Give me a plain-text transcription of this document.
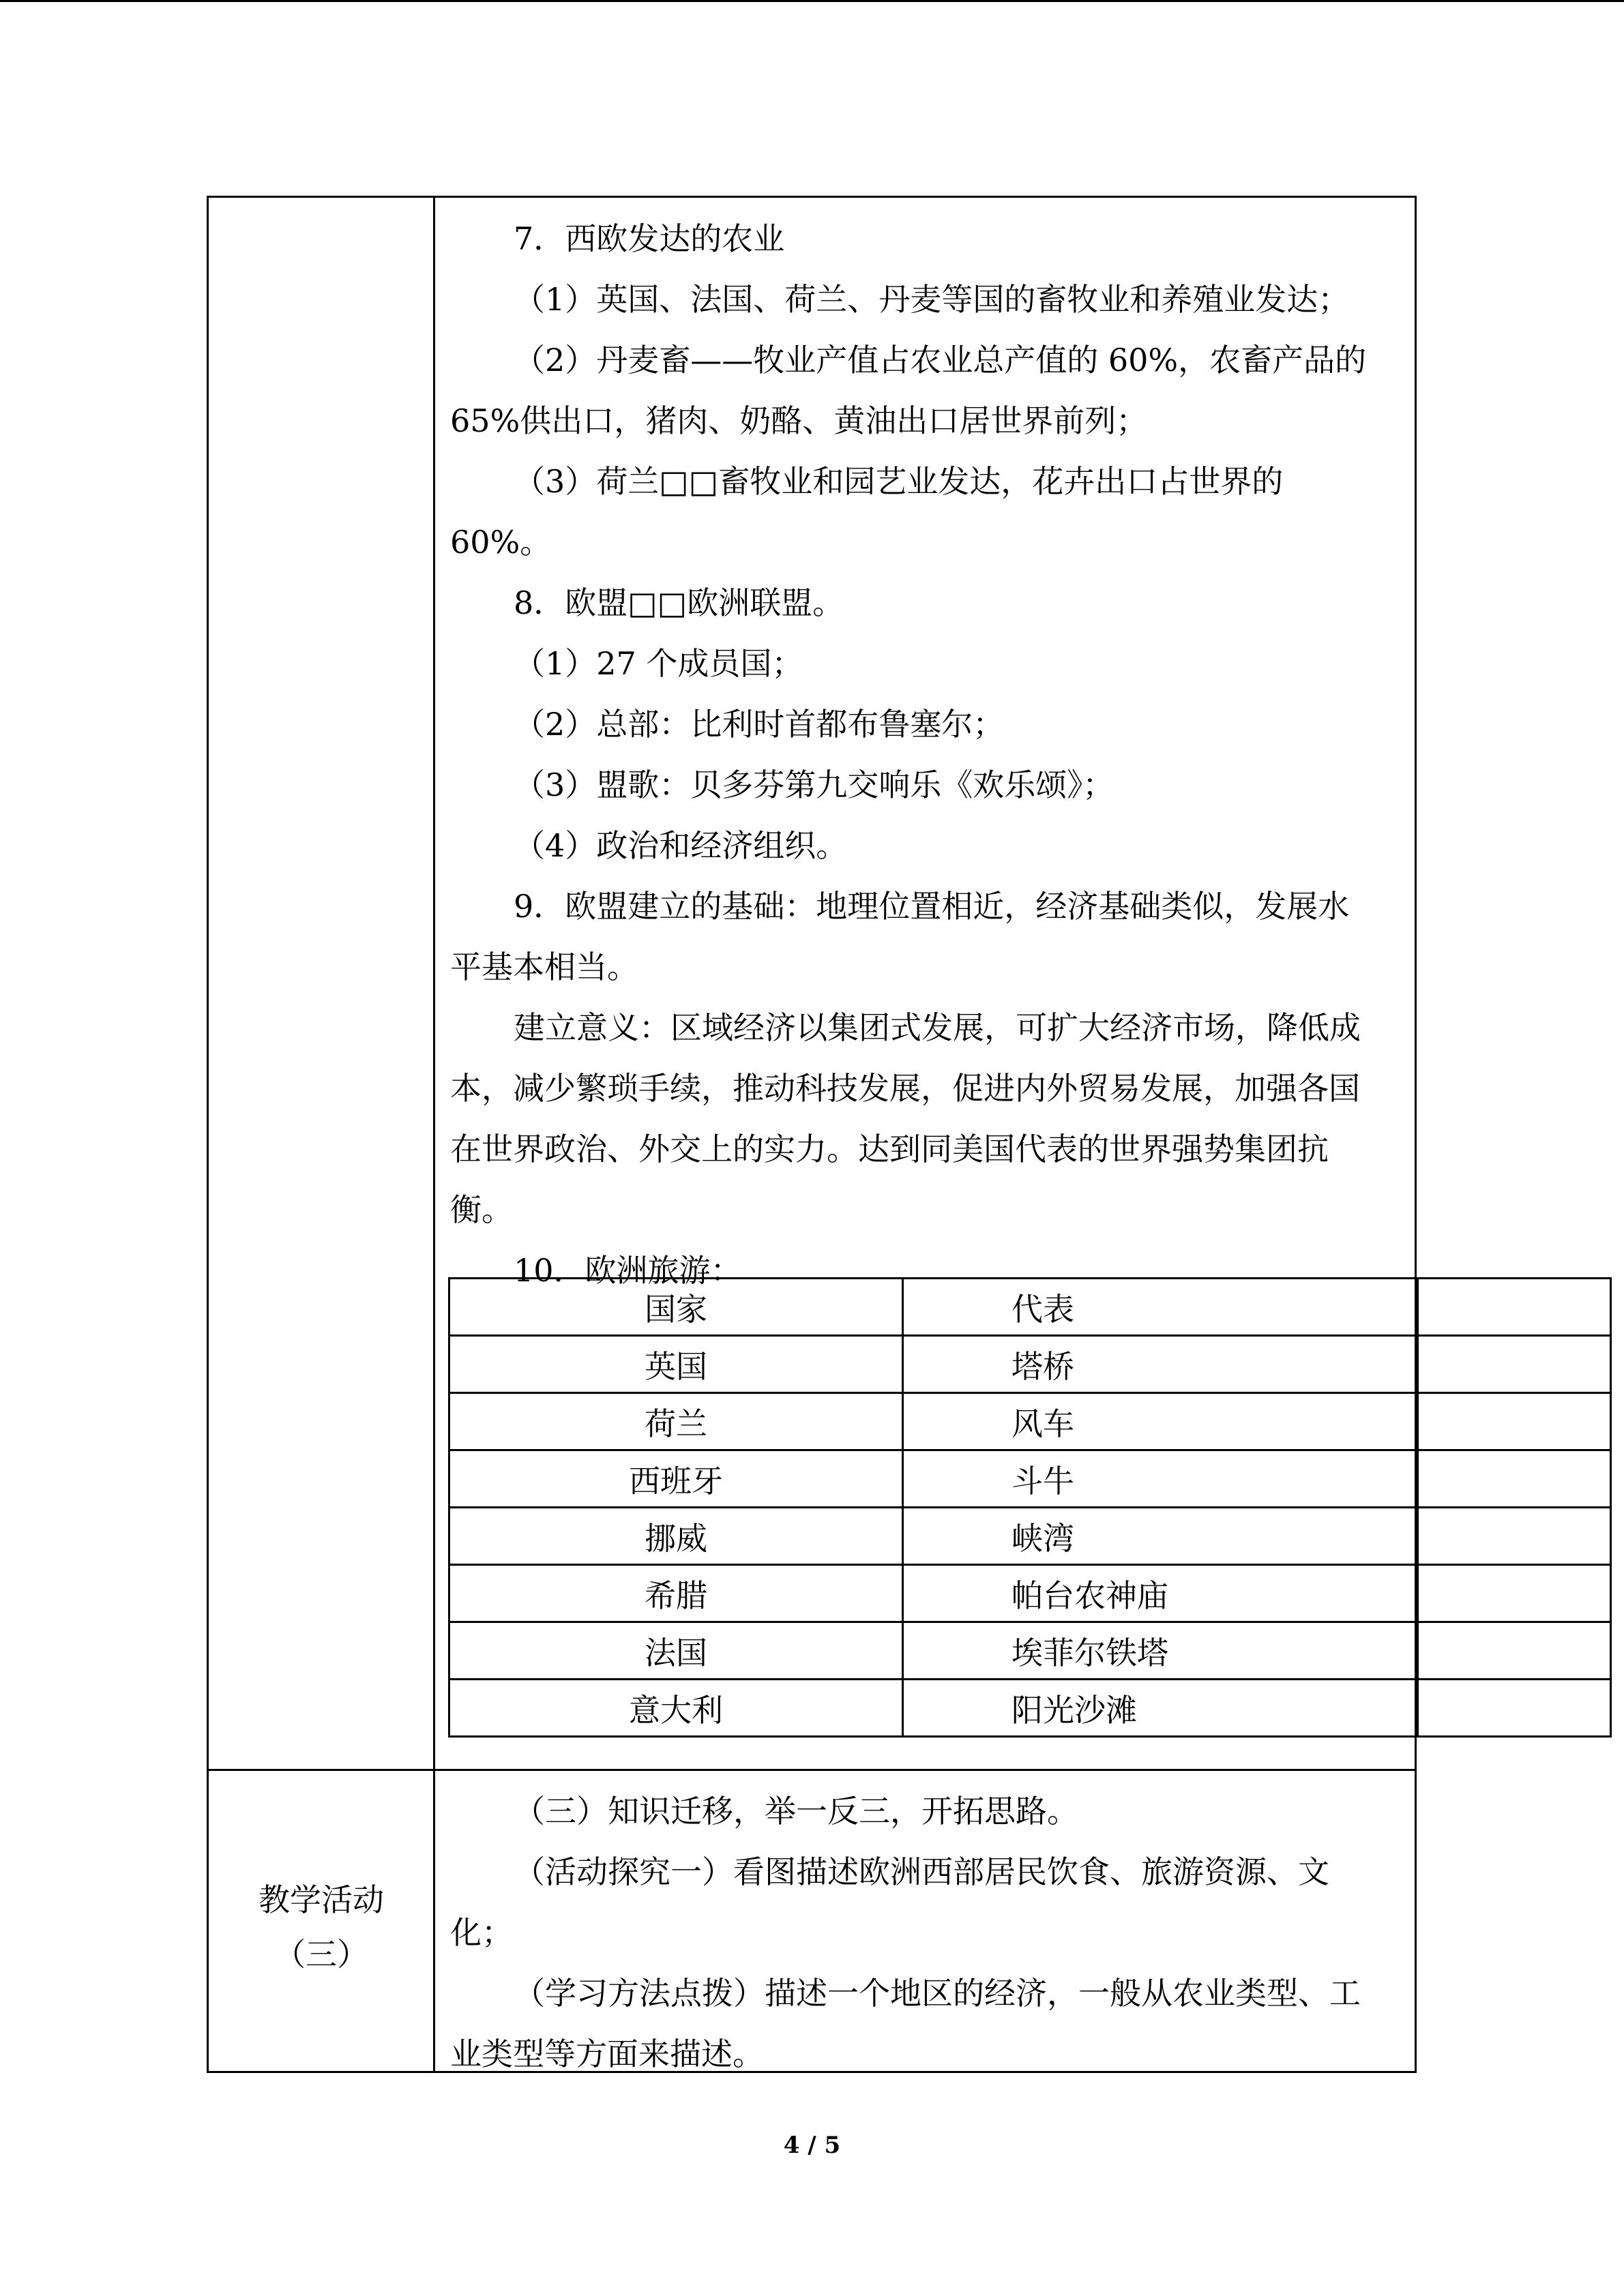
7．西欧发达的农业

（1）英国、法国、荷兰、丹麦等国的畜牧业和养殖业发达；

（2）丹麦畜——牧业产值占农业总产值的 60%，农畜产品的

65%供出口，猪肉、奶酪、黄油出口居世界前列；

（3）荷兰□□畜牧业和园艺业发达，花卉出口占世界的

60%。

8．欧盟□□欧洲联盟。

（1）27 个成员国；

（2）总部：比利时首都布鲁塞尔；

（3）盟歌：贝多芬第九交响乐《欢乐颂》；

（4）政治和经济组织。

9．欧盟建立的基础：地理位置相近，经济基础类似，发展水

平基本相当。

建立意义：区域经济以集团式发展，可扩大经济市场，降低成

本，减少繁琐手续，推动科技发展，促进内外贸易发展，加强各国

在世界政治、外交上的实力。达到同美国代表的世界强势集团抗

衡。

10．欧洲旅游：

国家	代表	
英国	塔桥	
荷兰	风车	
西班牙	斗牛	
挪威	峡湾	
希腊	帕台农神庙	
法国	埃菲尔铁塔	
意大利	阳光沙滩	
教学活动
（三）

（三）知识迁移，举一反三，开拓思路。

（活动探究一）看图描述欧洲西部居民饮食、旅游资源、文

化；

（学习方法点拨）描述一个地区的经济，一般从农业类型、工

业类型等方面来描述。

4 / 5
